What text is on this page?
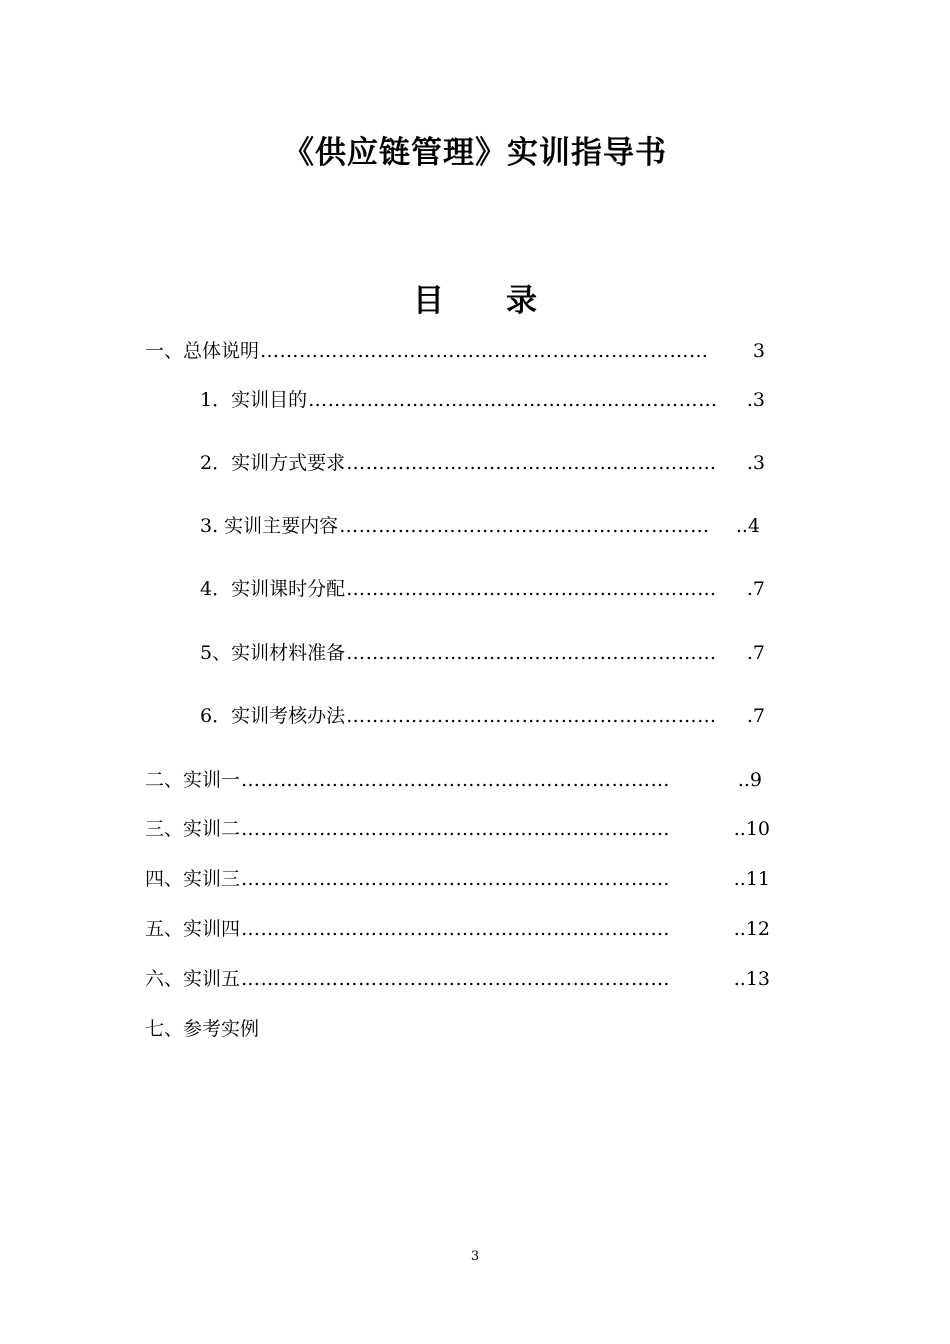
《供应链管理》实训指导书
目 录
一、总体说明 ……………………………………………………………	3
1．实训目的 ………………………………………………………	.3
2．实训方式要求 …………………………………………………	.3
3. 实训主要内容 …………………………………………………	..4
4．实训课时分配 …………………………………………………	.7
5、实训材料准备 …………………………………………………	.7
6．实训考核办法 …………………………………………………	.7
二、实训一 …………………………………………………………	..9
三、实训二 …………………………………………………………	..10
四、实训三 …………………………………………………………	..11
五、实训四 …………………………………………………………	..12
六、实训五 …………………………………………………………	..13
七、参考实例
3
